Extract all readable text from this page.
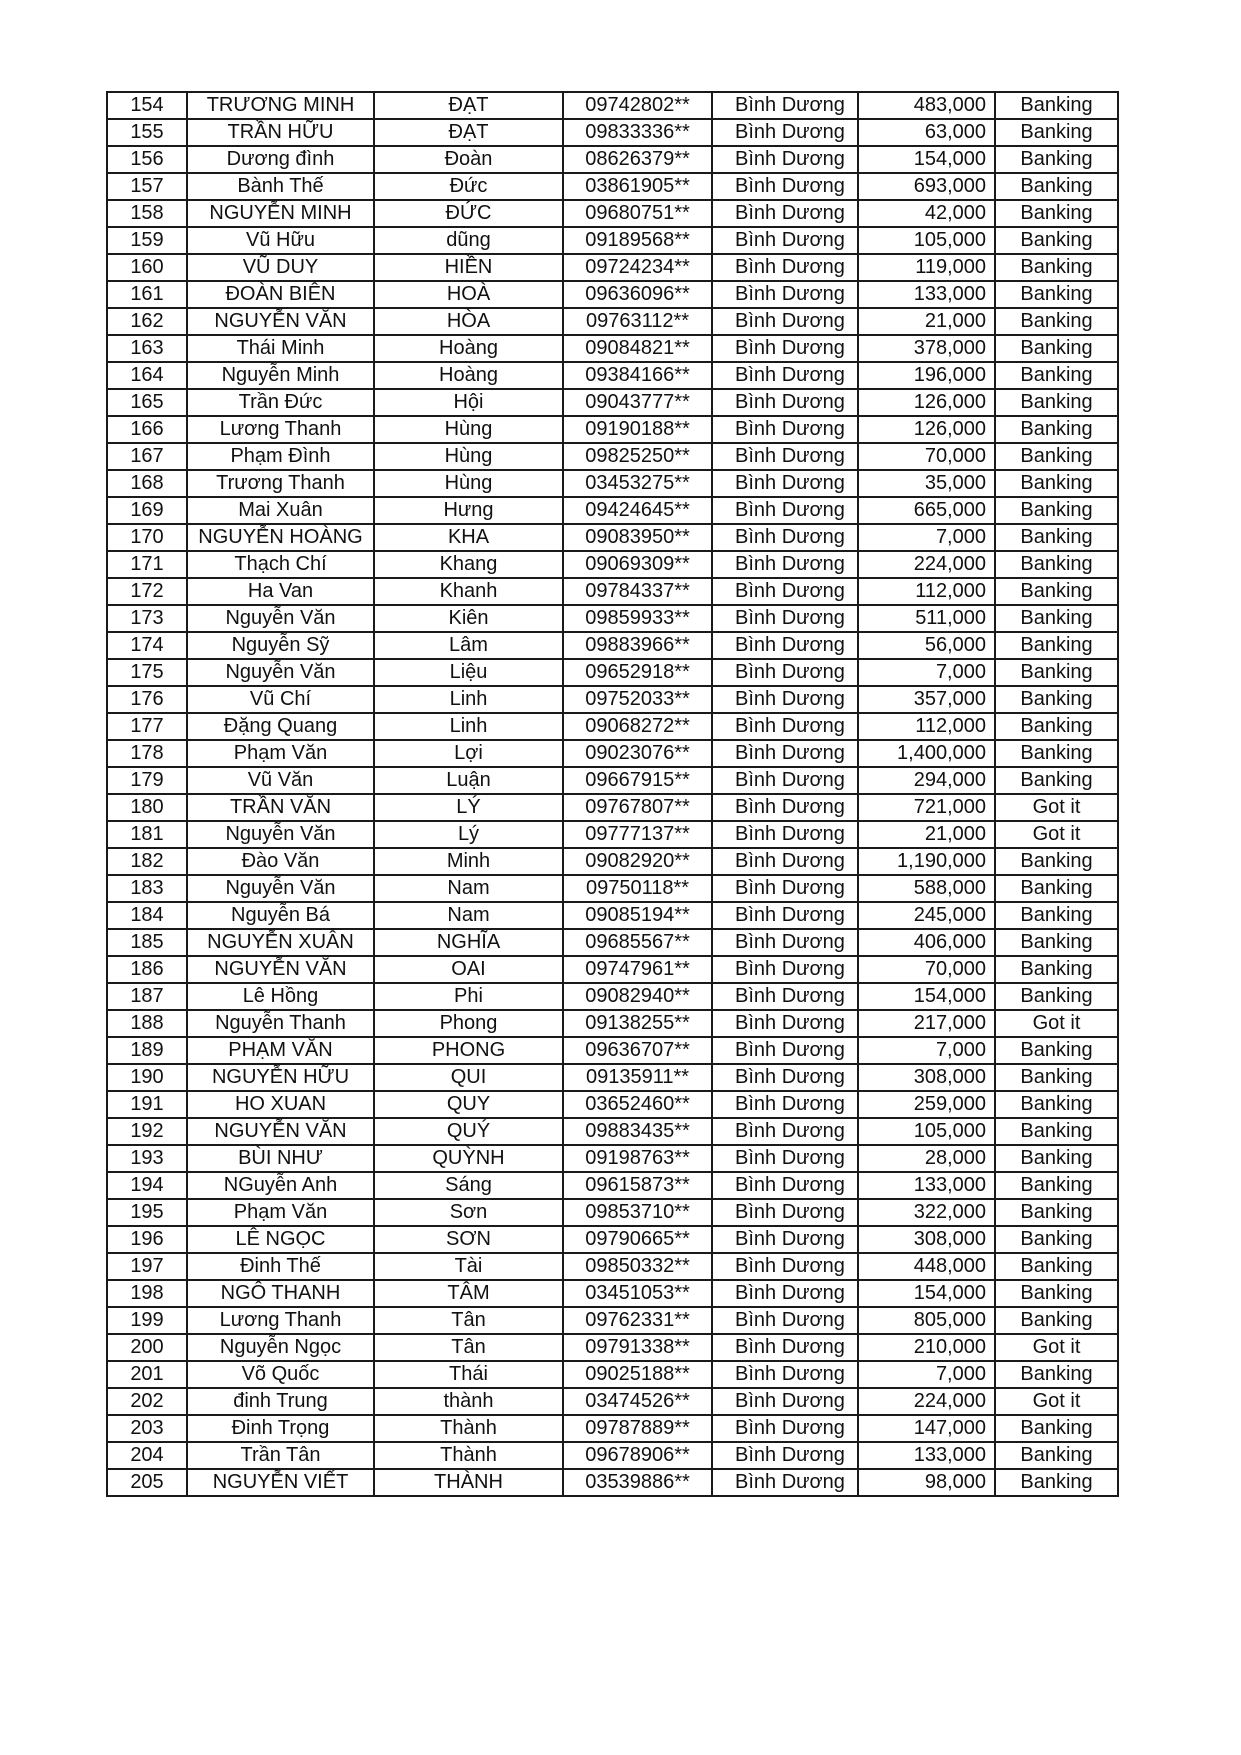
154	TRƯƠNG MINH	ĐẠT	09742802**	Bình Dương	483,000	Banking
155	TRẦN HỮU	ĐẠT	09833336**	Bình Dương	63,000	Banking
156	Dương đình	Đoàn	08626379**	Bình Dương	154,000	Banking
157	Bành Thế	Đức	03861905**	Bình Dương	693,000	Banking
158	NGUYỄN MINH	ĐỨC	09680751**	Bình Dương	42,000	Banking
159	Vũ Hữu	dũng	09189568**	Bình Dương	105,000	Banking
160	VŨ DUY	HIỀN	09724234**	Bình Dương	119,000	Banking
161	ĐOÀN BIÊN	HOÀ	09636096**	Bình Dương	133,000	Banking
162	NGUYỄN VĂN	HÒA	09763112**	Bình Dương	21,000	Banking
163	Thái Minh	Hoàng	09084821**	Bình Dương	378,000	Banking
164	Nguyễn Minh	Hoàng	09384166**	Bình Dương	196,000	Banking
165	Trần Đức	Hội	09043777**	Bình Dương	126,000	Banking
166	Lương Thanh	Hùng	09190188**	Bình Dương	126,000	Banking
167	Phạm Đình	Hùng	09825250**	Bình Dương	70,000	Banking
168	Trương Thanh	Hùng	03453275**	Bình Dương	35,000	Banking
169	Mai Xuân	Hưng	09424645**	Bình Dương	665,000	Banking
170	NGUYỄN HOÀNG	KHA	09083950**	Bình Dương	7,000	Banking
171	Thạch Chí	Khang	09069309**	Bình Dương	224,000	Banking
172	Ha Van	Khanh	09784337**	Bình Dương	112,000	Banking
173	Nguyễn Văn	Kiên	09859933**	Bình Dương	511,000	Banking
174	Nguyễn Sỹ	Lâm	09883966**	Bình Dương	56,000	Banking
175	Nguyễn Văn	Liệu	09652918**	Bình Dương	7,000	Banking
176	Vũ Chí	Linh	09752033**	Bình Dương	357,000	Banking
177	Đặng Quang	Linh	09068272**	Bình Dương	112,000	Banking
178	Phạm Văn	Lợi	09023076**	Bình Dương	1,400,000	Banking
179	Vũ Văn	Luận	09667915**	Bình Dương	294,000	Banking
180	TRẦN VĂN	LÝ	09767807**	Bình Dương	721,000	Got it
181	Nguyễn Văn	Lý	09777137**	Bình Dương	21,000	Got it
182	Đào Văn	Minh	09082920**	Bình Dương	1,190,000	Banking
183	Nguyễn Văn	Nam	09750118**	Bình Dương	588,000	Banking
184	Nguyễn Bá	Nam	09085194**	Bình Dương	245,000	Banking
185	NGUYỄN XUÂN	NGHĨA	09685567**	Bình Dương	406,000	Banking
186	NGUYỄN VĂN	OAI	09747961**	Bình Dương	70,000	Banking
187	Lê Hồng	Phi	09082940**	Bình Dương	154,000	Banking
188	Nguyễn Thanh	Phong	09138255**	Bình Dương	217,000	Got it
189	PHẠM VĂN	PHONG	09636707**	Bình Dương	7,000	Banking
190	NGUYỄN HỮU	QUI	09135911**	Bình Dương	308,000	Banking
191	HO XUAN	QUY	03652460**	Bình Dương	259,000	Banking
192	NGUYỄN VĂN	QUÝ	09883435**	Bình Dương	105,000	Banking
193	BÙI NHƯ	QUỲNH	09198763**	Bình Dương	28,000	Banking
194	NGuyễn Anh	Sáng	09615873**	Bình Dương	133,000	Banking
195	Phạm Văn	Sơn	09853710**	Bình Dương	322,000	Banking
196	LÊ NGỌC	SƠN	09790665**	Bình Dương	308,000	Banking
197	Đinh Thế	Tài	09850332**	Bình Dương	448,000	Banking
198	NGÔ THANH	TÂM	03451053**	Bình Dương	154,000	Banking
199	Lương Thanh	Tân	09762331**	Bình Dương	805,000	Banking
200	Nguyễn Ngọc	Tân	09791338**	Bình Dương	210,000	Got it
201	Võ Quốc	Thái	09025188**	Bình Dương	7,000	Banking
202	đinh Trung	thành	03474526**	Bình Dương	224,000	Got it
203	Đinh Trọng	Thành	09787889**	Bình Dương	147,000	Banking
204	Trần Tân	Thành	09678906**	Bình Dương	133,000	Banking
205	NGUYỄN VIẾT	THÀNH	03539886**	Bình Dương	98,000	Banking
